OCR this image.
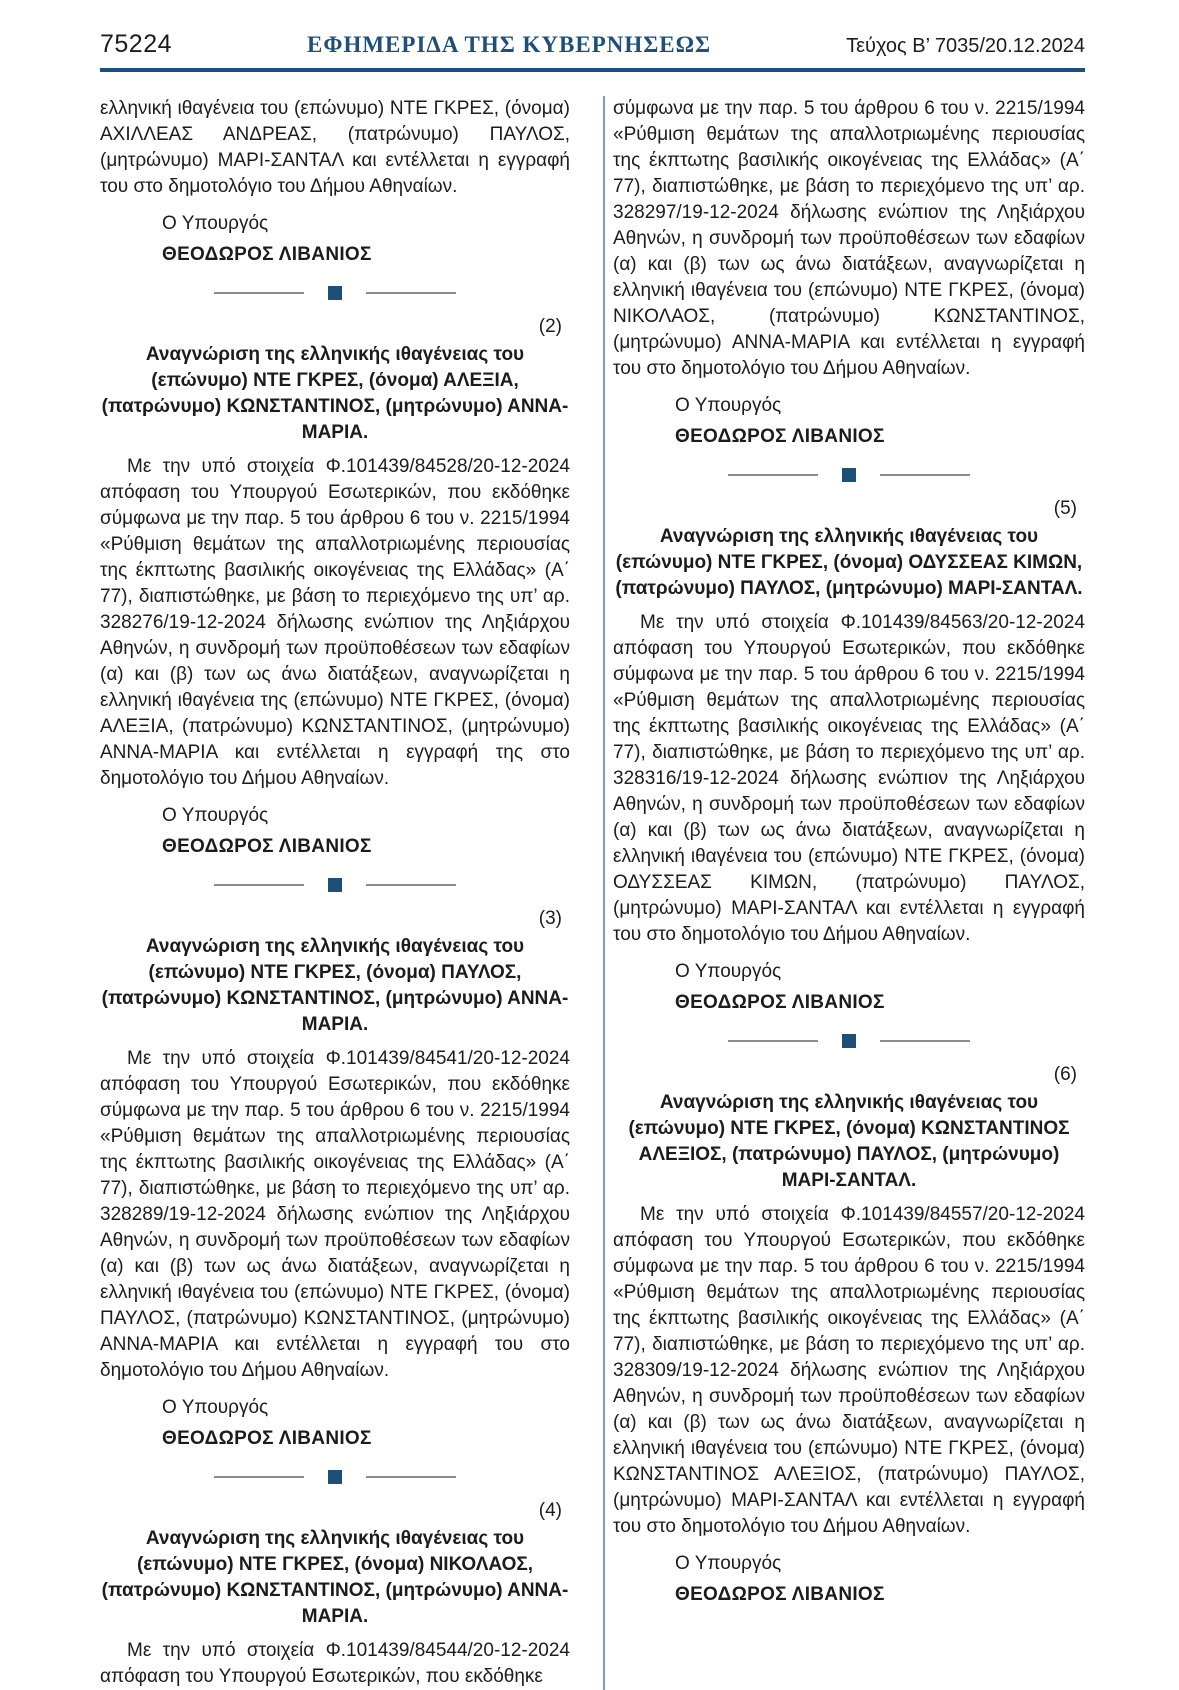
75224	ΕΦΗΜΕΡΙΔΑ ΤΗΣ ΚΥΒΕΡΝΗΣΕΩΣ	Τεύχος Β’ 7035/20.12.2024

ελληνική ιθαγένεια του (επώνυμο) ΝΤΕ ΓΚΡΕΣ, (όνομα) ΑΧΙΛΛΕΑΣ ΑΝΔΡΕΑΣ, (πατρώνυμο) ΠΑΥΛΟΣ, (μητρώνυμο) ΜΑΡΙ-ΣΑΝΤΑΛ και εντέλλεται η εγγραφή του στο δημοτολόγιο του Δήμου Αθηναίων.

Ο Υπουργός
ΘΕΟΔΩΡΟΣ ΛΙΒΑΝΙΟΣ
(2)
Αναγνώριση της ελληνικής ιθαγένειας του (επώνυμο) ΝΤΕ ΓΚΡΕΣ, (όνομα) ΑΛΕΞΙΑ, (πατρώνυμο) ΚΩΝΣΤΑΝΤΙΝΟΣ, (μητρώνυμο) ΑΝΝΑ-ΜΑΡΙΑ.

Με την υπό στοιχεία Φ.101439/84528/20-12-2024 απόφαση του Υπουργού Εσωτερικών, που εκδόθηκε σύμφωνα με την παρ. 5 του άρθρου 6 του ν. 2215/1994 «Ρύθμιση θεμάτων της απαλλοτριωμένης περιουσίας της έκπτωτης βασιλικής οικογένειας της Ελλάδας» (Α΄ 77), διαπιστώθηκε, με βάση το περιεχόμενο της υπ’ αρ. 328276/19-12-2024 δήλωσης ενώπιον της Ληξιάρχου Αθηνών, η συνδρομή των προϋποθέσεων των εδαφίων (α) και (β) των ως άνω διατάξεων, αναγνωρίζεται η ελληνική ιθαγένεια της (επώνυμο) ΝΤΕ ΓΚΡΕΣ, (όνομα) ΑΛΕΞΙΑ, (πατρώνυμο) ΚΩΝΣΤΑΝΤΙΝΟΣ, (μητρώνυμο) ΑΝΝΑ-ΜΑΡΙΑ και εντέλλεται η εγγραφή της στο δημοτολόγιο του Δήμου Αθηναίων.

Ο Υπουργός
ΘΕΟΔΩΡΟΣ ΛΙΒΑΝΙΟΣ
(3)
Αναγνώριση της ελληνικής ιθαγένειας του (επώνυμο) ΝΤΕ ΓΚΡΕΣ, (όνομα) ΠΑΥΛΟΣ, (πατρώνυμο) ΚΩΝΣΤΑΝΤΙΝΟΣ, (μητρώνυμο) ΑΝΝΑ-ΜΑΡΙΑ.

Με την υπό στοιχεία Φ.101439/84541/20-12-2024 απόφαση του Υπουργού Εσωτερικών, που εκδόθηκε σύμφωνα με την παρ. 5 του άρθρου 6 του ν. 2215/1994 «Ρύθμιση θεμάτων της απαλλοτριωμένης περιουσίας της έκπτωτης βασιλικής οικογένειας της Ελλάδας» (Α΄ 77), διαπιστώθηκε, με βάση το περιεχόμενο της υπ’ αρ. 328289/19-12-2024 δήλωσης ενώπιον της Ληξιάρχου Αθηνών, η συνδρομή των προϋποθέσεων των εδαφίων (α) και (β) των ως άνω διατάξεων, αναγνωρίζεται η ελληνική ιθαγένεια του (επώνυμο) ΝΤΕ ΓΚΡΕΣ, (όνομα) ΠΑΥΛΟΣ, (πατρώνυμο) ΚΩΝΣΤΑΝΤΙΝΟΣ, (μητρώνυμο) ΑΝΝΑ-ΜΑΡΙΑ και εντέλλεται η εγγραφή του στο δημοτολόγιο του Δήμου Αθηναίων.

Ο Υπουργός
ΘΕΟΔΩΡΟΣ ΛΙΒΑΝΙΟΣ
(4)
Αναγνώριση της ελληνικής ιθαγένειας του (επώνυμο) ΝΤΕ ΓΚΡΕΣ, (όνομα) ΝΙΚΟΛΑΟΣ, (πατρώνυμο) ΚΩΝΣΤΑΝΤΙΝΟΣ, (μητρώνυμο) ΑΝΝΑ-ΜΑΡΙΑ.

Με την υπό στοιχεία Φ.101439/84544/20-12-2024 απόφαση του Υπουργού Εσωτερικών, που εκδόθηκε

σύμφωνα με την παρ. 5 του άρθρου 6 του ν. 2215/1994 «Ρύθμιση θεμάτων της απαλλοτριωμένης περιουσίας της έκπτωτης βασιλικής οικογένειας της Ελλάδας» (Α΄ 77), διαπιστώθηκε, με βάση το περιεχόμενο της υπ’ αρ. 328297/19-12-2024 δήλωσης ενώπιον της Ληξιάρχου Αθηνών, η συνδρομή των προϋποθέσεων των εδαφίων (α) και (β) των ως άνω διατάξεων, αναγνωρίζεται η ελληνική ιθαγένεια του (επώνυμο) ΝΤΕ ΓΚΡΕΣ, (όνομα) ΝΙΚΟΛΑΟΣ, (πατρώνυμο) ΚΩΝΣΤΑΝΤΙΝΟΣ, (μητρώνυμο) ΑΝΝΑ-ΜΑΡΙΑ και εντέλλεται η εγγραφή του στο δημοτολόγιο του Δήμου Αθηναίων.

Ο Υπουργός
ΘΕΟΔΩΡΟΣ ΛΙΒΑΝΙΟΣ
(5)
Αναγνώριση της ελληνικής ιθαγένειας του (επώνυμο) ΝΤΕ ΓΚΡΕΣ, (όνομα) ΟΔΥΣΣΕΑΣ ΚΙΜΩΝ, (πατρώνυμο) ΠΑΥΛΟΣ, (μητρώνυμο) ΜΑΡΙ-ΣΑΝΤΑΛ.

Με την υπό στοιχεία Φ.101439/84563/20-12-2024 απόφαση του Υπουργού Εσωτερικών, που εκδόθηκε σύμφωνα με την παρ. 5 του άρθρου 6 του ν. 2215/1994 «Ρύθμιση θεμάτων της απαλλοτριωμένης περιουσίας της έκπτωτης βασιλικής οικογένειας της Ελλάδας» (Α΄ 77), διαπιστώθηκε, με βάση το περιεχόμενο της υπ’ αρ. 328316/19-12-2024 δήλωσης ενώπιον της Ληξιάρχου Αθηνών, η συνδρομή των προϋποθέσεων των εδαφίων (α) και (β) των ως άνω διατάξεων, αναγνωρίζεται η ελληνική ιθαγένεια του (επώνυμο) ΝΤΕ ΓΚΡΕΣ, (όνομα) ΟΔΥΣΣΕΑΣ ΚΙΜΩΝ, (πατρώνυμο) ΠΑΥΛΟΣ, (μητρώνυμο) ΜΑΡΙ-ΣΑΝΤΑΛ και εντέλλεται η εγγραφή του στο δημοτολόγιο του Δήμου Αθηναίων.

Ο Υπουργός
ΘΕΟΔΩΡΟΣ ΛΙΒΑΝΙΟΣ
(6)
Αναγνώριση της ελληνικής ιθαγένειας του (επώνυμο) ΝΤΕ ΓΚΡΕΣ, (όνομα) ΚΩΝΣΤΑΝΤΙΝΟΣ ΑΛΕΞΙΟΣ, (πατρώνυμο) ΠΑΥΛΟΣ, (μητρώνυμο) ΜΑΡΙ-ΣΑΝΤΑΛ.

Με την υπό στοιχεία Φ.101439/84557/20-12-2024 απόφαση του Υπουργού Εσωτερικών, που εκδόθηκε σύμφωνα με την παρ. 5 του άρθρου 6 του ν. 2215/1994 «Ρύθμιση θεμάτων της απαλλοτριωμένης περιουσίας της έκπτωτης βασιλικής οικογένειας της Ελλάδας» (Α΄ 77), διαπιστώθηκε, με βάση το περιεχόμενο της υπ’ αρ. 328309/19-12-2024 δήλωσης ενώπιον της Ληξιάρχου Αθηνών, η συνδρομή των προϋποθέσεων των εδαφίων (α) και (β) των ως άνω διατάξεων, αναγνωρίζεται η ελληνική ιθαγένεια του (επώνυμο) ΝΤΕ ΓΚΡΕΣ, (όνομα) ΚΩΝΣΤΑΝΤΙΝΟΣ ΑΛΕΞΙΟΣ, (πατρώνυμο) ΠΑΥΛΟΣ, (μητρώνυμο) ΜΑΡΙ-ΣΑΝΤΑΛ και εντέλλεται η εγγραφή του στο δημοτολόγιο του Δήμου Αθηναίων.

Ο Υπουργός
ΘΕΟΔΩΡΟΣ ΛΙΒΑΝΙΟΣ
